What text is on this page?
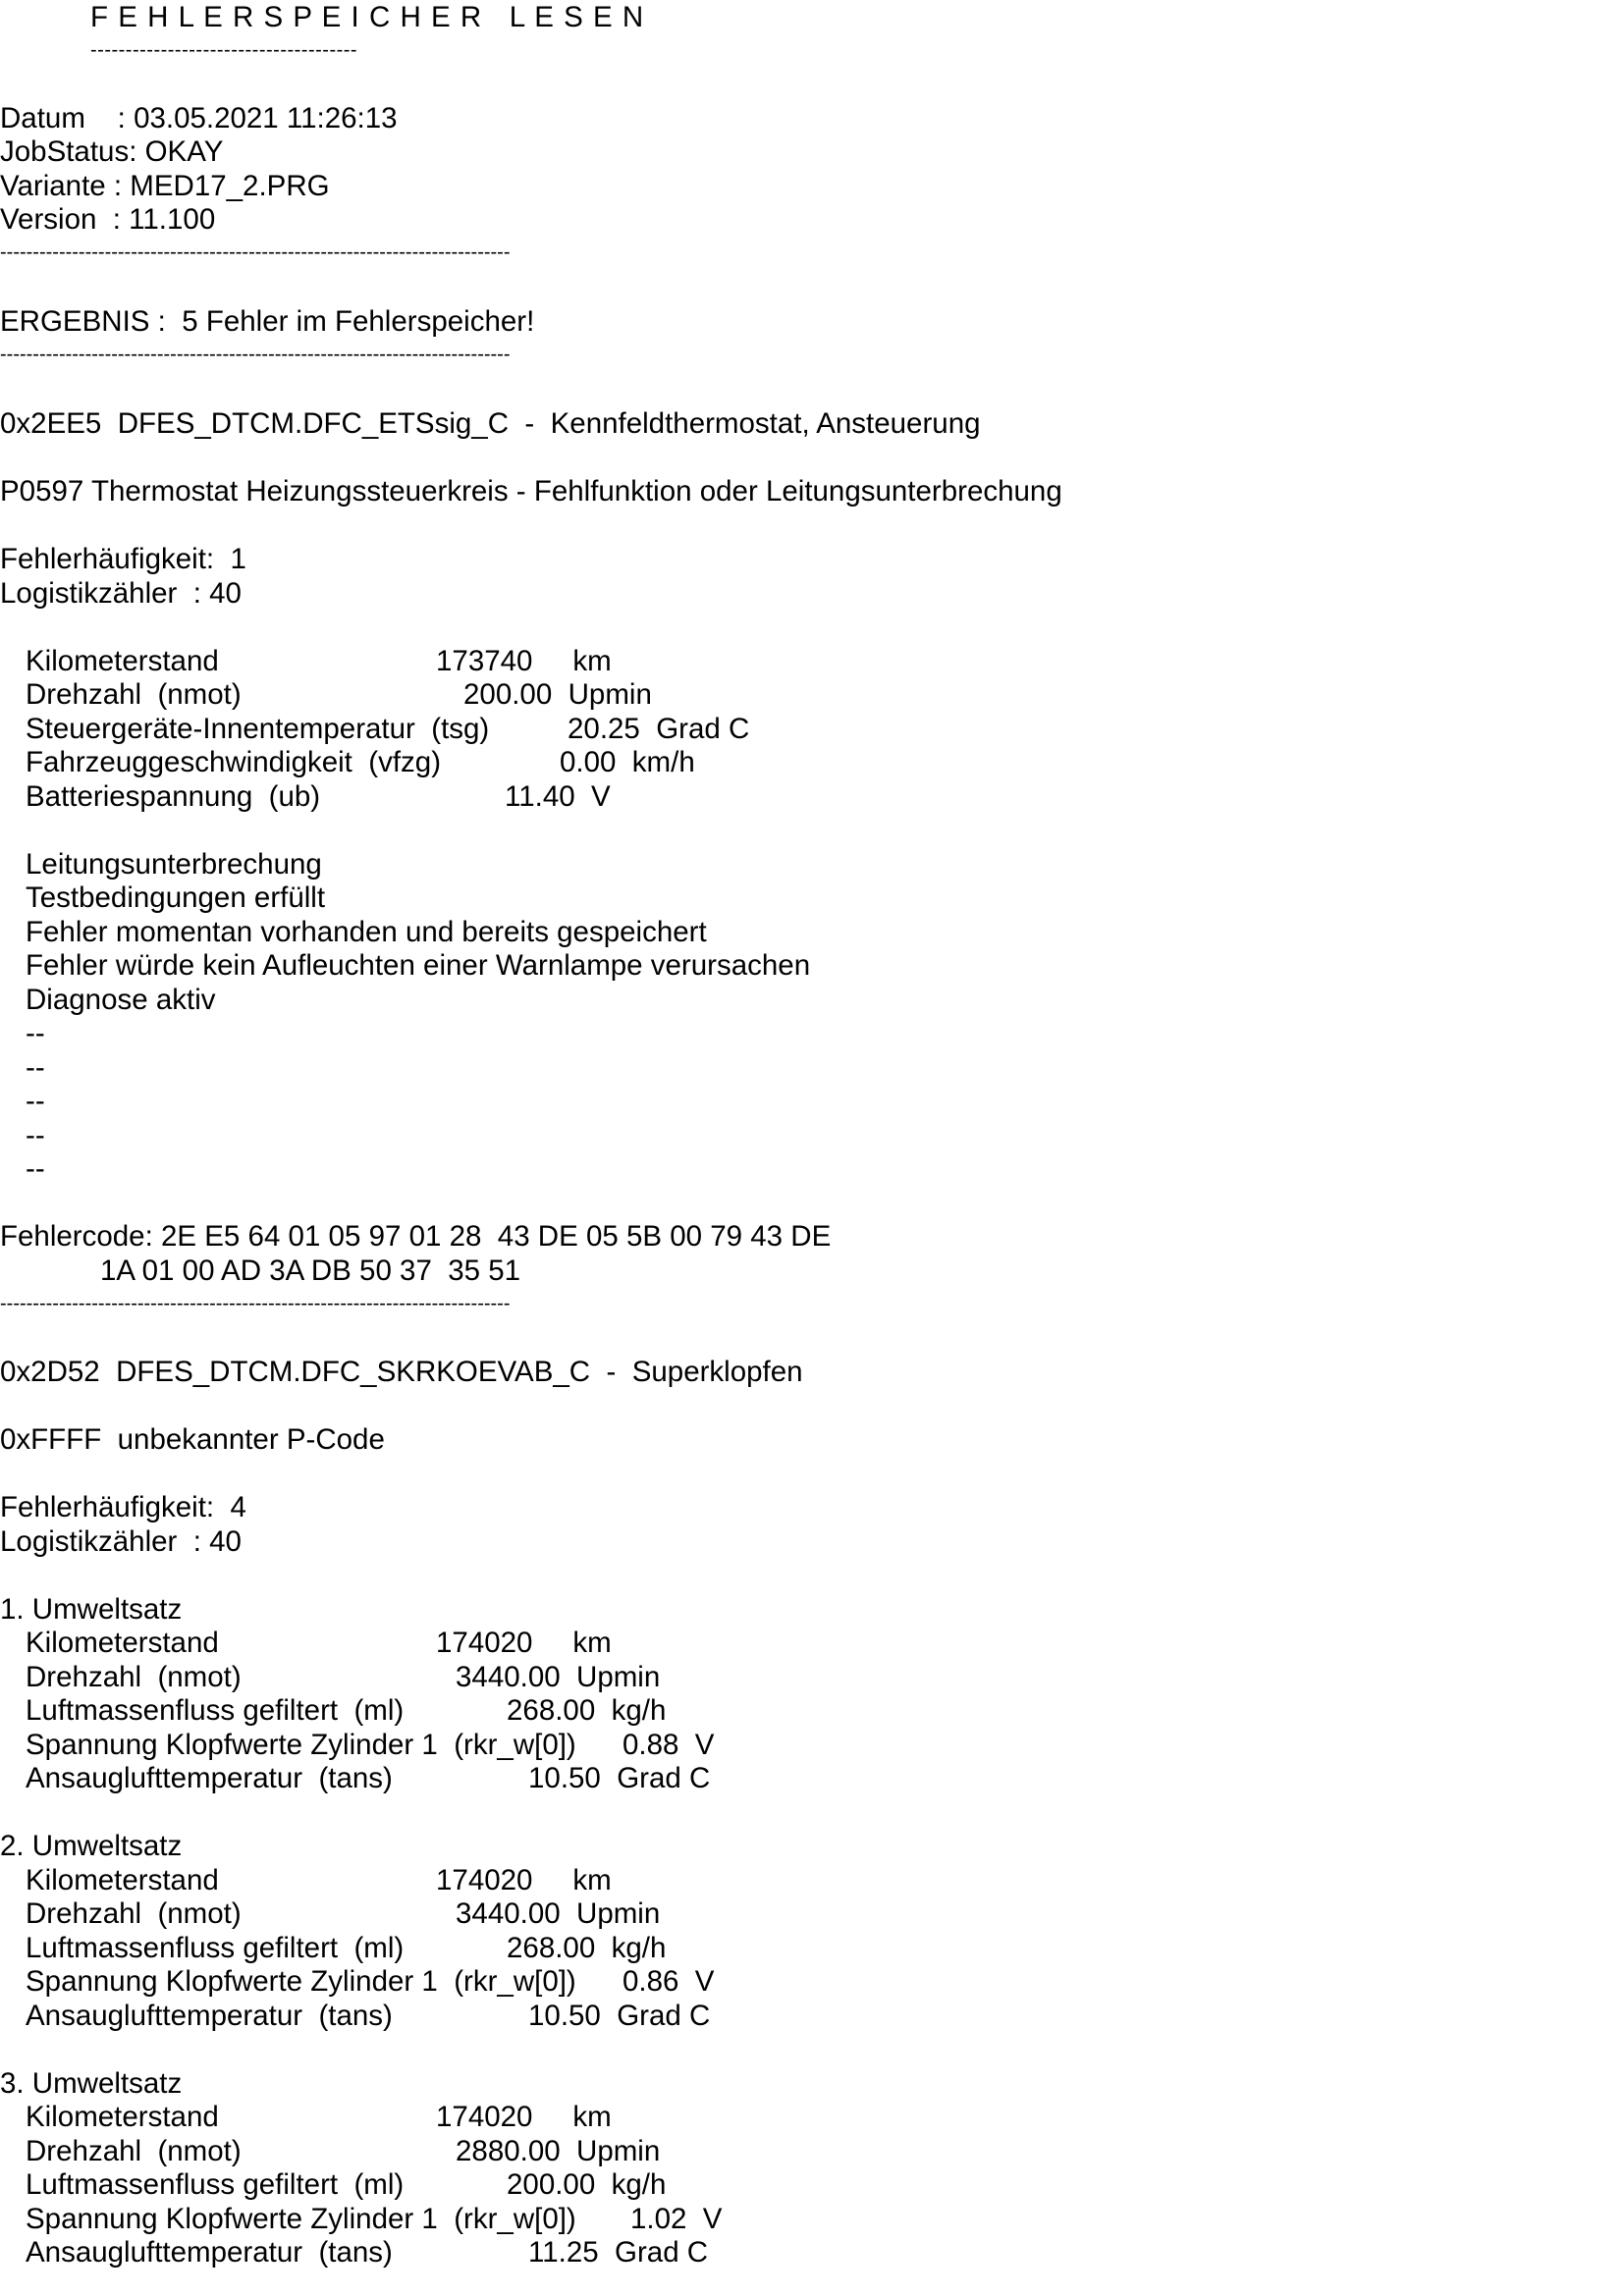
F E H L E R S P E I C H E R   L E S E N
--------------------------------------
Datum    : 03.05.2021 11:26:13
JobStatus: OKAY
Variante : MED17_2.PRG
Version  : 11.100
------------------------------------------------------------------------------
ERGEBNIS :  5 Fehler im Fehlerspeicher!
------------------------------------------------------------------------------
0x2EE5  DFES_DTCM.DFC_ETSsig_C  -  Kennfeldthermostat, Ansteuerung
P0597 Thermostat Heizungssteuerkreis - Fehlfunktion oder Leitungsunterbrechung
Fehlerhäufigkeit:  1
Logistikzähler  : 40
Kilometerstand	173740     km
Drehzahl  (nmot)	200.00  Upmin
Steuergeräte-Innentemperatur  (tsg)	20.25  Grad C
Fahrzeuggeschwindigkeit  (vfzg)	0.00  km/h
Batteriespannung  (ub)	11.40  V
Leitungsunterbrechung
Testbedingungen erfüllt
Fehler momentan vorhanden und bereits gespeichert
Fehler würde kein Aufleuchten einer Warnlampe verursachen
Diagnose aktiv
--
--
--
--
--
Fehlercode: 2E E5 64 01 05 97 01 28  43 DE 05 5B 00 79 43 DE
1A 01 00 AD 3A DB 50 37  35 51
------------------------------------------------------------------------------
0x2D52  DFES_DTCM.DFC_SKRKOEVAB_C  -  Superklopfen
0xFFFF  unbekannter P-Code
Fehlerhäufigkeit:  4
Logistikzähler  : 40
1. Umweltsatz
Kilometerstand	174020     km
Drehzahl  (nmot)	3440.00  Upmin
Luftmassenfluss gefiltert  (ml)	268.00  kg/h
Spannung Klopfwerte Zylinder 1  (rkr_w[0]) 0.88  V
Ansauglufttemperatur  (tans)	10.50  Grad C
2. Umweltsatz
Kilometerstand	174020     km
Drehzahl  (nmot)	3440.00  Upmin
Luftmassenfluss gefiltert  (ml)	268.00  kg/h
Spannung Klopfwerte Zylinder 1  (rkr_w[0]) 0.86  V
Ansauglufttemperatur  (tans)	10.50  Grad C
3. Umweltsatz
Kilometerstand	174020     km
Drehzahl  (nmot)	2880.00  Upmin
Luftmassenfluss gefiltert  (ml)	200.00  kg/h
Spannung Klopfwerte Zylinder 1  (rkr_w[0]) 1.02  V
Ansauglufttemperatur  (tans)	11.25  Grad C
